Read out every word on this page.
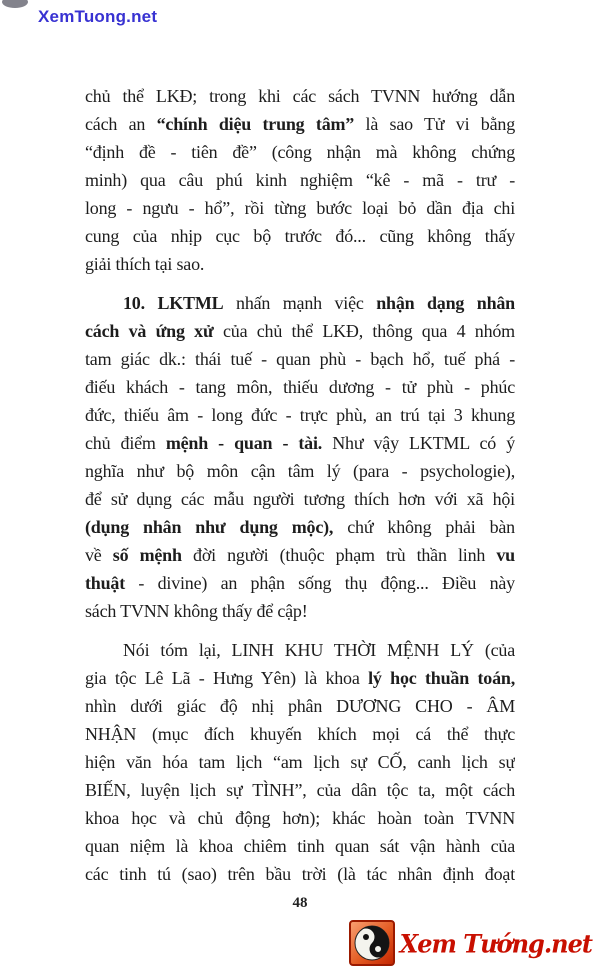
XemTuong.net
chủ thể LKĐ; trong khi các sách TVNN hướng dẫn
cách an “chính diệu trung tâm” là sao Tử vi bằng
“định đề - tiên đề” (công nhận mà không chứng
minh) qua câu phú kinh nghiệm “kê - mã - trư -
long - ngưu - hổ”, rồi từng bước loại bỏ dần địa chi
cung của nhịp cục bộ trước đó... cũng không thấy
giải thích tại sao.
10. LKTML nhấn mạnh việc nhận dạng nhân
cách và ứng xử của chủ thể LKĐ, thông qua 4 nhóm
tam giác dk.: thái tuế - quan phù - bạch hổ, tuế phá -
điếu khách - tang môn, thiếu dương - tử phù - phúc
đức, thiếu âm - long đức - trực phù, an trú tại 3 khung
chủ điểm mệnh - quan - tài. Như vậy LKTML có ý
nghĩa như bộ môn cận tâm lý (para - psychologie),
để sử dụng các mẫu người tương thích hơn với xã hội
(dụng nhân như dụng mộc), chứ không phải bàn
về số mệnh đời người (thuộc phạm trù thần linh vu
thuật - divine) an phận sống thụ động... Điều này
sách TVNN không thấy để cập!
Nói tóm lại, LINH KHU THỜI MỆNH LÝ (của
gia tộc Lê Lã - Hưng Yên) là khoa lý học thuần toán,
nhìn dưới giác độ nhị phân DƯƠNG CHO - ÂM
NHẬN (mục đích khuyến khích mọi cá thể thực
hiện văn hóa tam lịch “am lịch sự CỐ, canh lịch sự
BIẾN, luyện lịch sự TÌNH”, của dân tộc ta, một cách
khoa học và chủ động hơn); khác hoàn toàn TVNN
quan niệm là khoa chiêm tinh quan sát vận hành của
các tinh tú (sao) trên bầu trời (là tác nhân định đoạt
48
Xem Tướng.net
